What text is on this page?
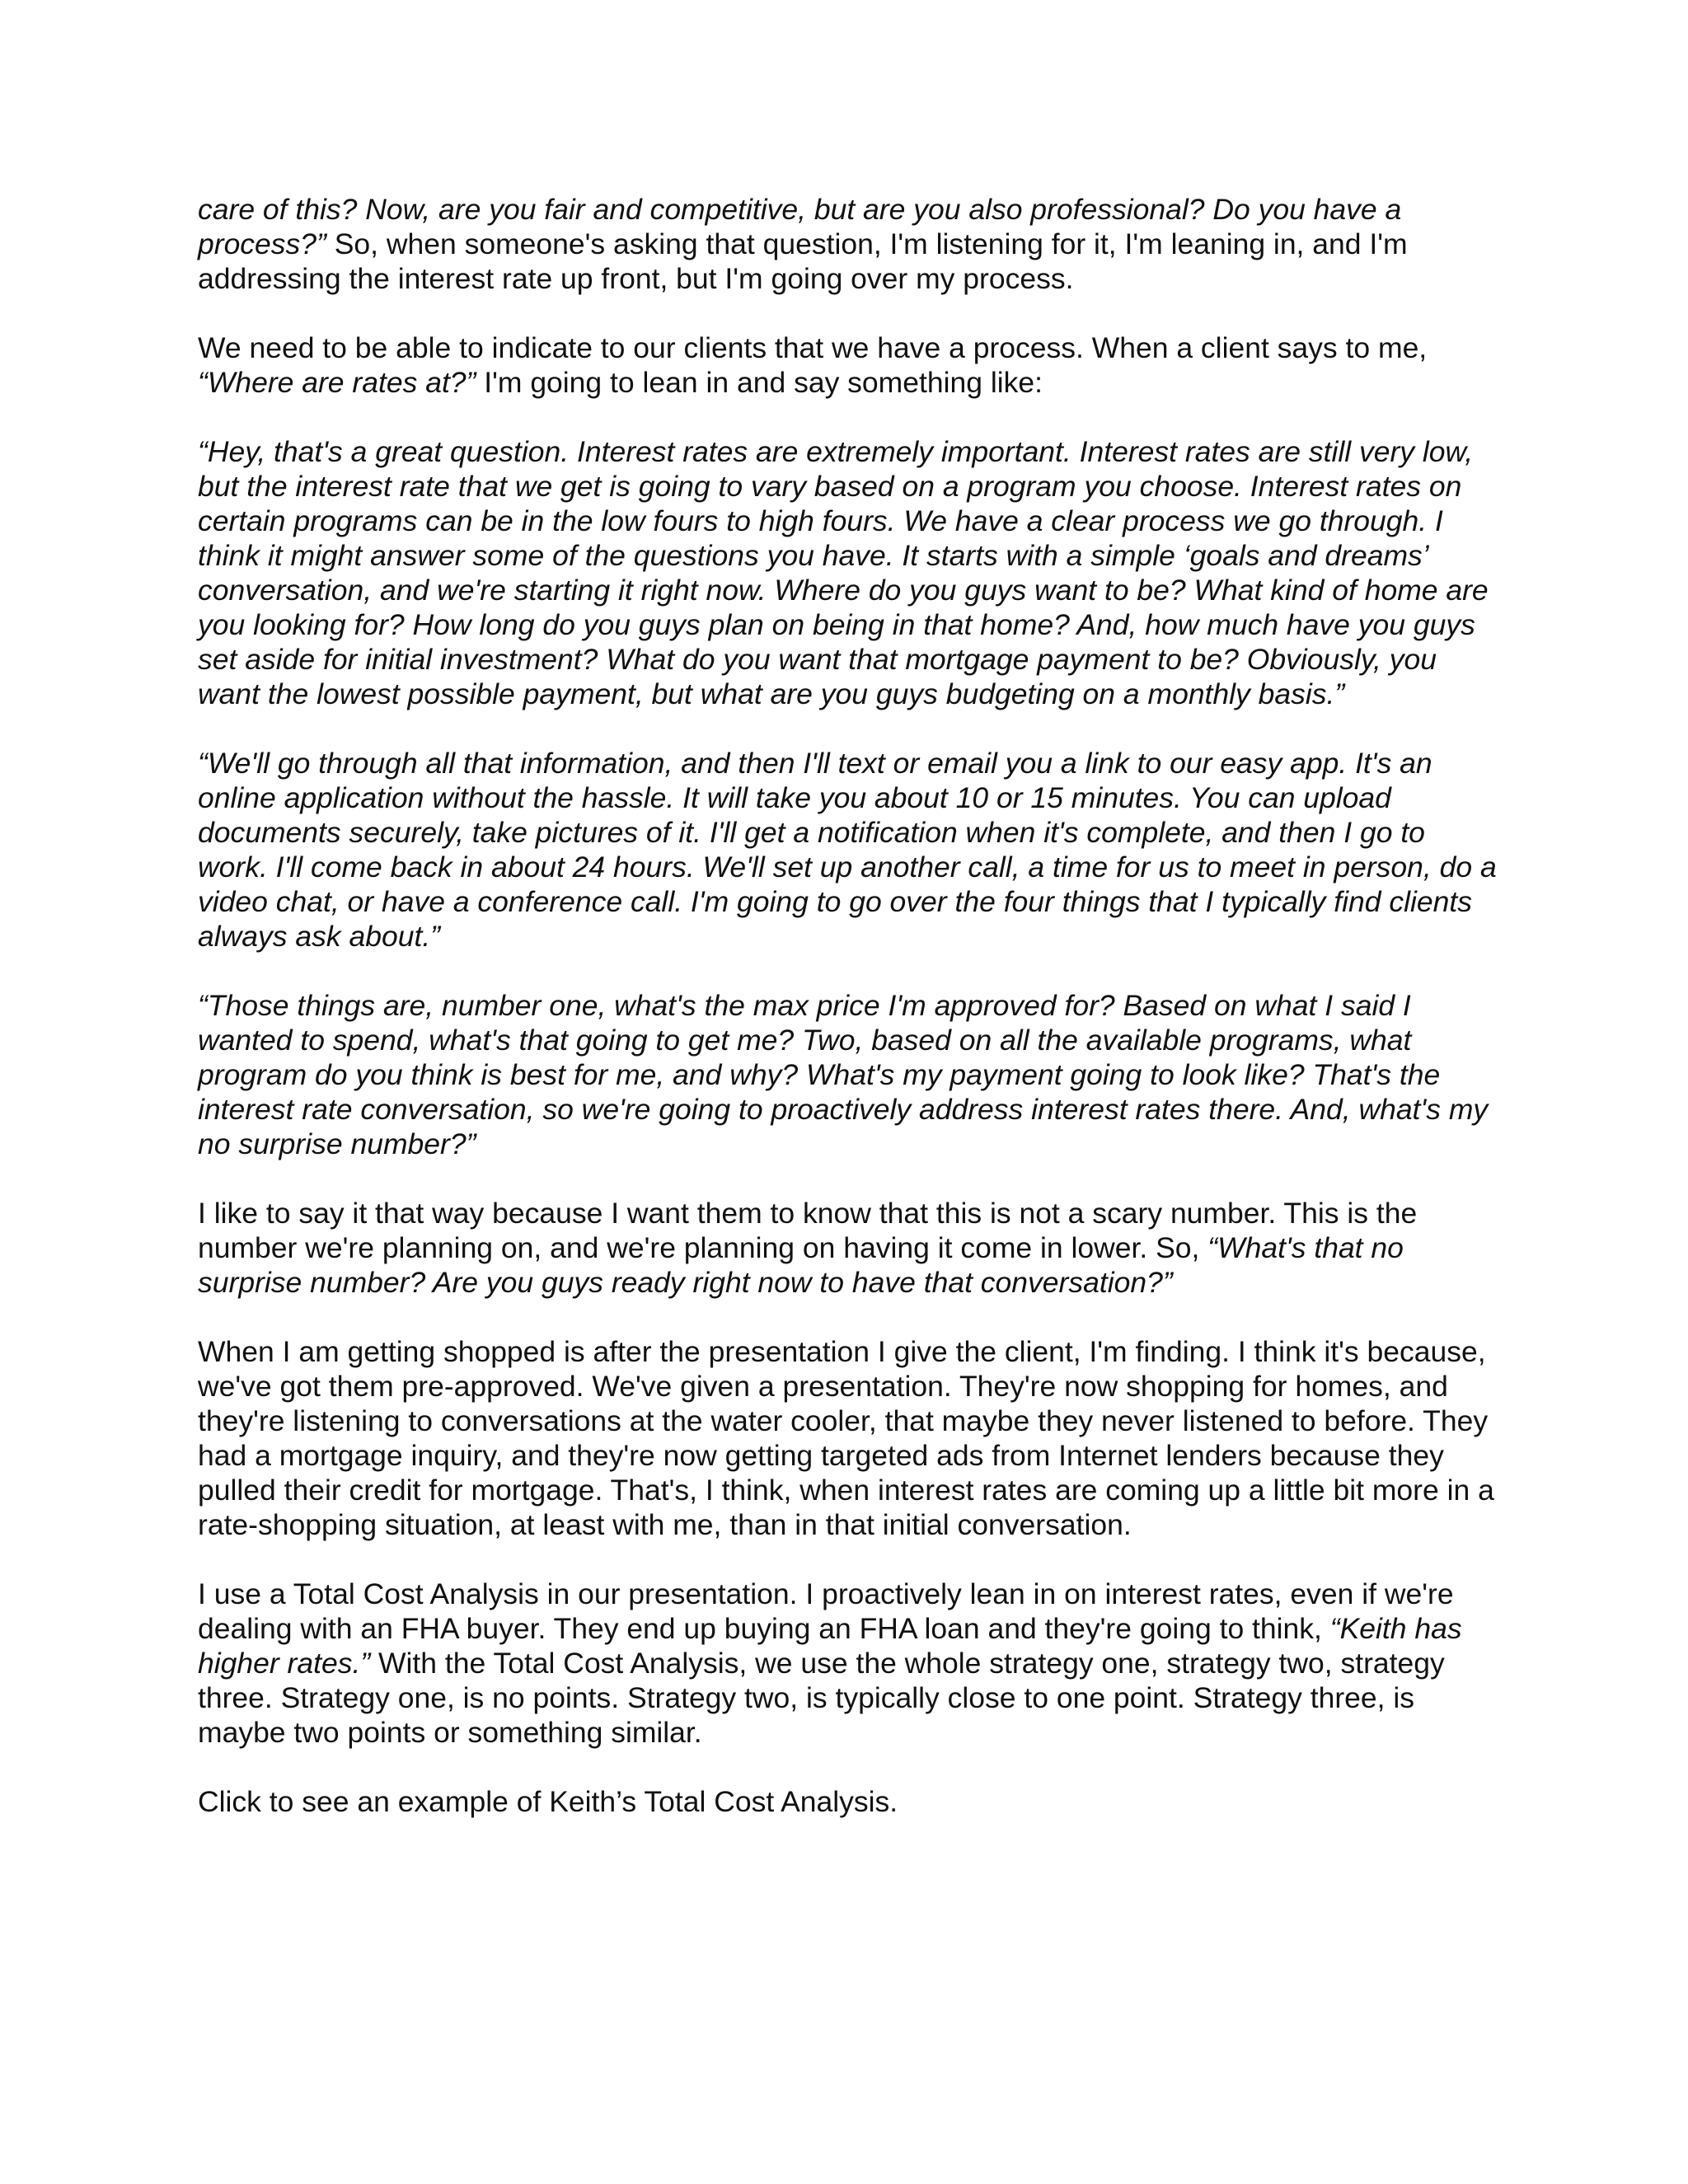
care of this? Now, are you fair and competitive, but are you also professional? Do you have a process?” So, when someone's asking that question, I'm listening for it, I'm leaning in, and I'm addressing the interest rate up front, but I'm going over my process.

We need to be able to indicate to our clients that we have a process. When a client says to me, “Where are rates at?” I'm going to lean in and say something like:

“Hey, that's a great question. Interest rates are extremely important. Interest rates are still very low, but the interest rate that we get is going to vary based on a program you choose. Interest rates on certain programs can be in the low fours to high fours. We have a clear process we go through. I think it might answer some of the questions you have. It starts with a simple ‘goals and dreams’ conversation, and we're starting it right now. Where do you guys want to be? What kind of home are you looking for? How long do you guys plan on being in that home? And, how much have you guys set aside for initial investment? What do you want that mortgage payment to be? Obviously, you want the lowest possible payment, but what are you guys budgeting on a monthly basis.”

“We'll go through all that information, and then I'll text or email you a link to our easy app. It's an online application without the hassle. It will take you about 10 or 15 minutes. You can upload documents securely, take pictures of it. I'll get a notification when it's complete, and then I go to work. I'll come back in about 24 hours. We'll set up another call, a time for us to meet in person, do a video chat, or have a conference call. I'm going to go over the four things that I typically find clients always ask about.”

“Those things are, number one, what's the max price I'm approved for? Based on what I said I wanted to spend, what's that going to get me? Two, based on all the available programs, what program do you think is best for me, and why? What's my payment going to look like? That's the interest rate conversation, so we're going to proactively address interest rates there. And, what's my no surprise number?”

I like to say it that way because I want them to know that this is not a scary number. This is the number we're planning on, and we're planning on having it come in lower. So, “What's that no surprise number? Are you guys ready right now to have that conversation?”

When I am getting shopped is after the presentation I give the client, I'm finding. I think it's because, we've got them pre-approved. We've given a presentation. They're now shopping for homes, and they're listening to conversations at the water cooler, that maybe they never listened to before. They had a mortgage inquiry, and they're now getting targeted ads from Internet lenders because they pulled their credit for mortgage. That's, I think, when interest rates are coming up a little bit more in a rate-shopping situation, at least with me, than in that initial conversation.

I use a Total Cost Analysis in our presentation. I proactively lean in on interest rates, even if we're dealing with an FHA buyer. They end up buying an FHA loan and they're going to think, “Keith has higher rates.” With the Total Cost Analysis, we use the whole strategy one, strategy two, strategy three. Strategy one, is no points. Strategy two, is typically close to one point. Strategy three, is maybe two points or something similar.

Click to see an example of Keith’s Total Cost Analysis.
